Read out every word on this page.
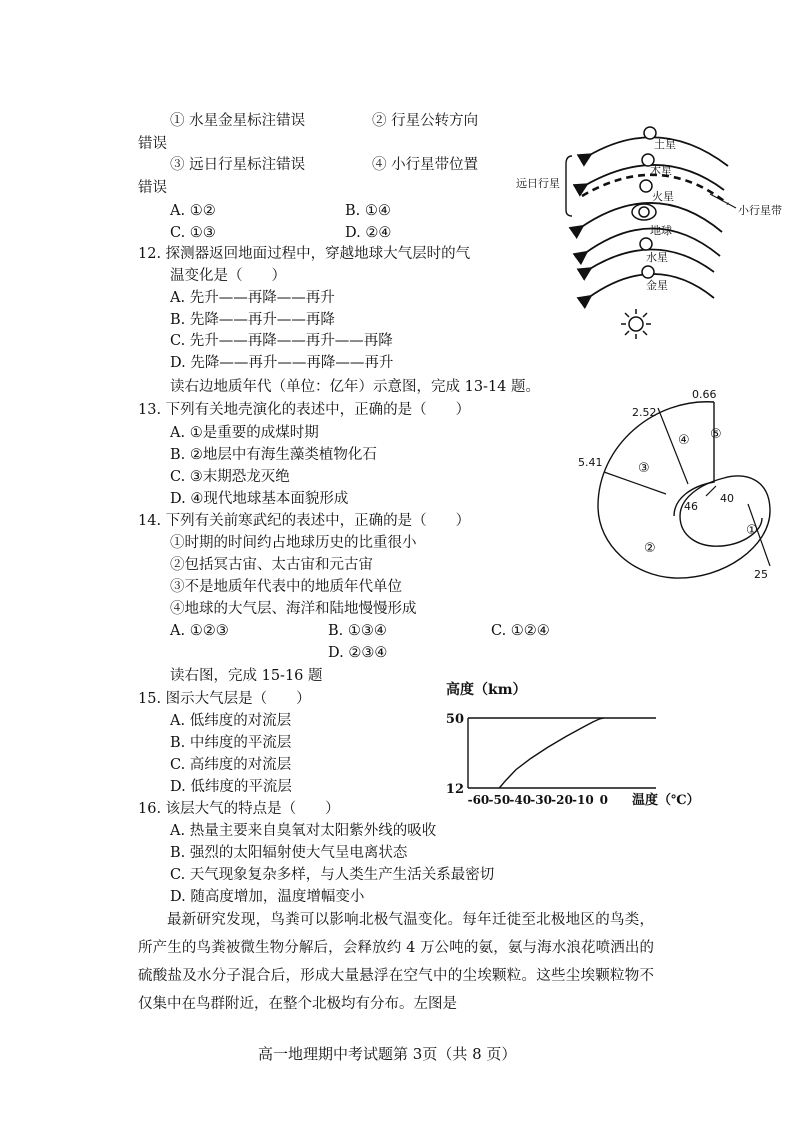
① 水星金星标注错误	② 行星公转方向
错误
③ 远日行星标注错误	④ 小行星带位置
错误
A. ①②	B. ①④
C. ①③	D. ②④
12. 探测器返回地面过程中，穿越地球大气层时的气
温变化是（　　）
A. 先升——再降——再升
B. 先降——再升——再降
C. 先升——再降——再升——再降
D. 先降——再升——再降——再升
读右边地质年代（单位：亿年）示意图，完成 13-14 题。
13. 下列有关地壳演化的表述中，正确的是（　　）
A. ①是重要的成煤时期
B. ②地层中有海生藻类植物化石
C. ③末期恐龙灭绝
D. ④现代地球基本面貌形成
14. 下列有关前寒武纪的表述中，正确的是（　　）
①时期的时间约占地球历史的比重很小
②包括冥古宙、太古宙和元古宙
③不是地质年代表中的地质年代单位
④地球的大气层、海洋和陆地慢慢形成
A. ①②③	B. ①③④	C. ①②④
D. ②③④
读右图，完成 15-16 题
15. 图示大气层是（　　）
A. 低纬度的对流层
B. 中纬度的平流层
C. 高纬度的对流层
D. 低纬度的平流层
16. 该层大气的特点是（　　）
A. 热量主要来自臭氧对太阳紫外线的吸收
B. 强烈的太阳辐射使大气呈电离状态
C. 天气现象复杂多样，与人类生产生活关系最密切
D. 随高度增加，温度增幅变小
最新研究发现，鸟粪可以影响北极气温变化。每年迁徙至北极地区的鸟类，所产生的鸟粪被微生物分解后，会释放约 4 万公吨的氨，氨与海水浪花喷洒出的硫酸盐及水分子混合后，形成大量悬浮在空气中的尘埃颗粒。这些尘埃颗粒物不仅集中在鸟群附近，在整个北极均有分布。左图是
高一地理期中考试题第 3页（共 8 页）
土星
木星
火星
地球
水星
金星
远日行星
小行星带
0.66
2.52
5.41
46
40
25
①
②
③
④ ⑤
高度（km）
温度（℃）
50
12
-60 -50 -40 -30 -20 -10 0
